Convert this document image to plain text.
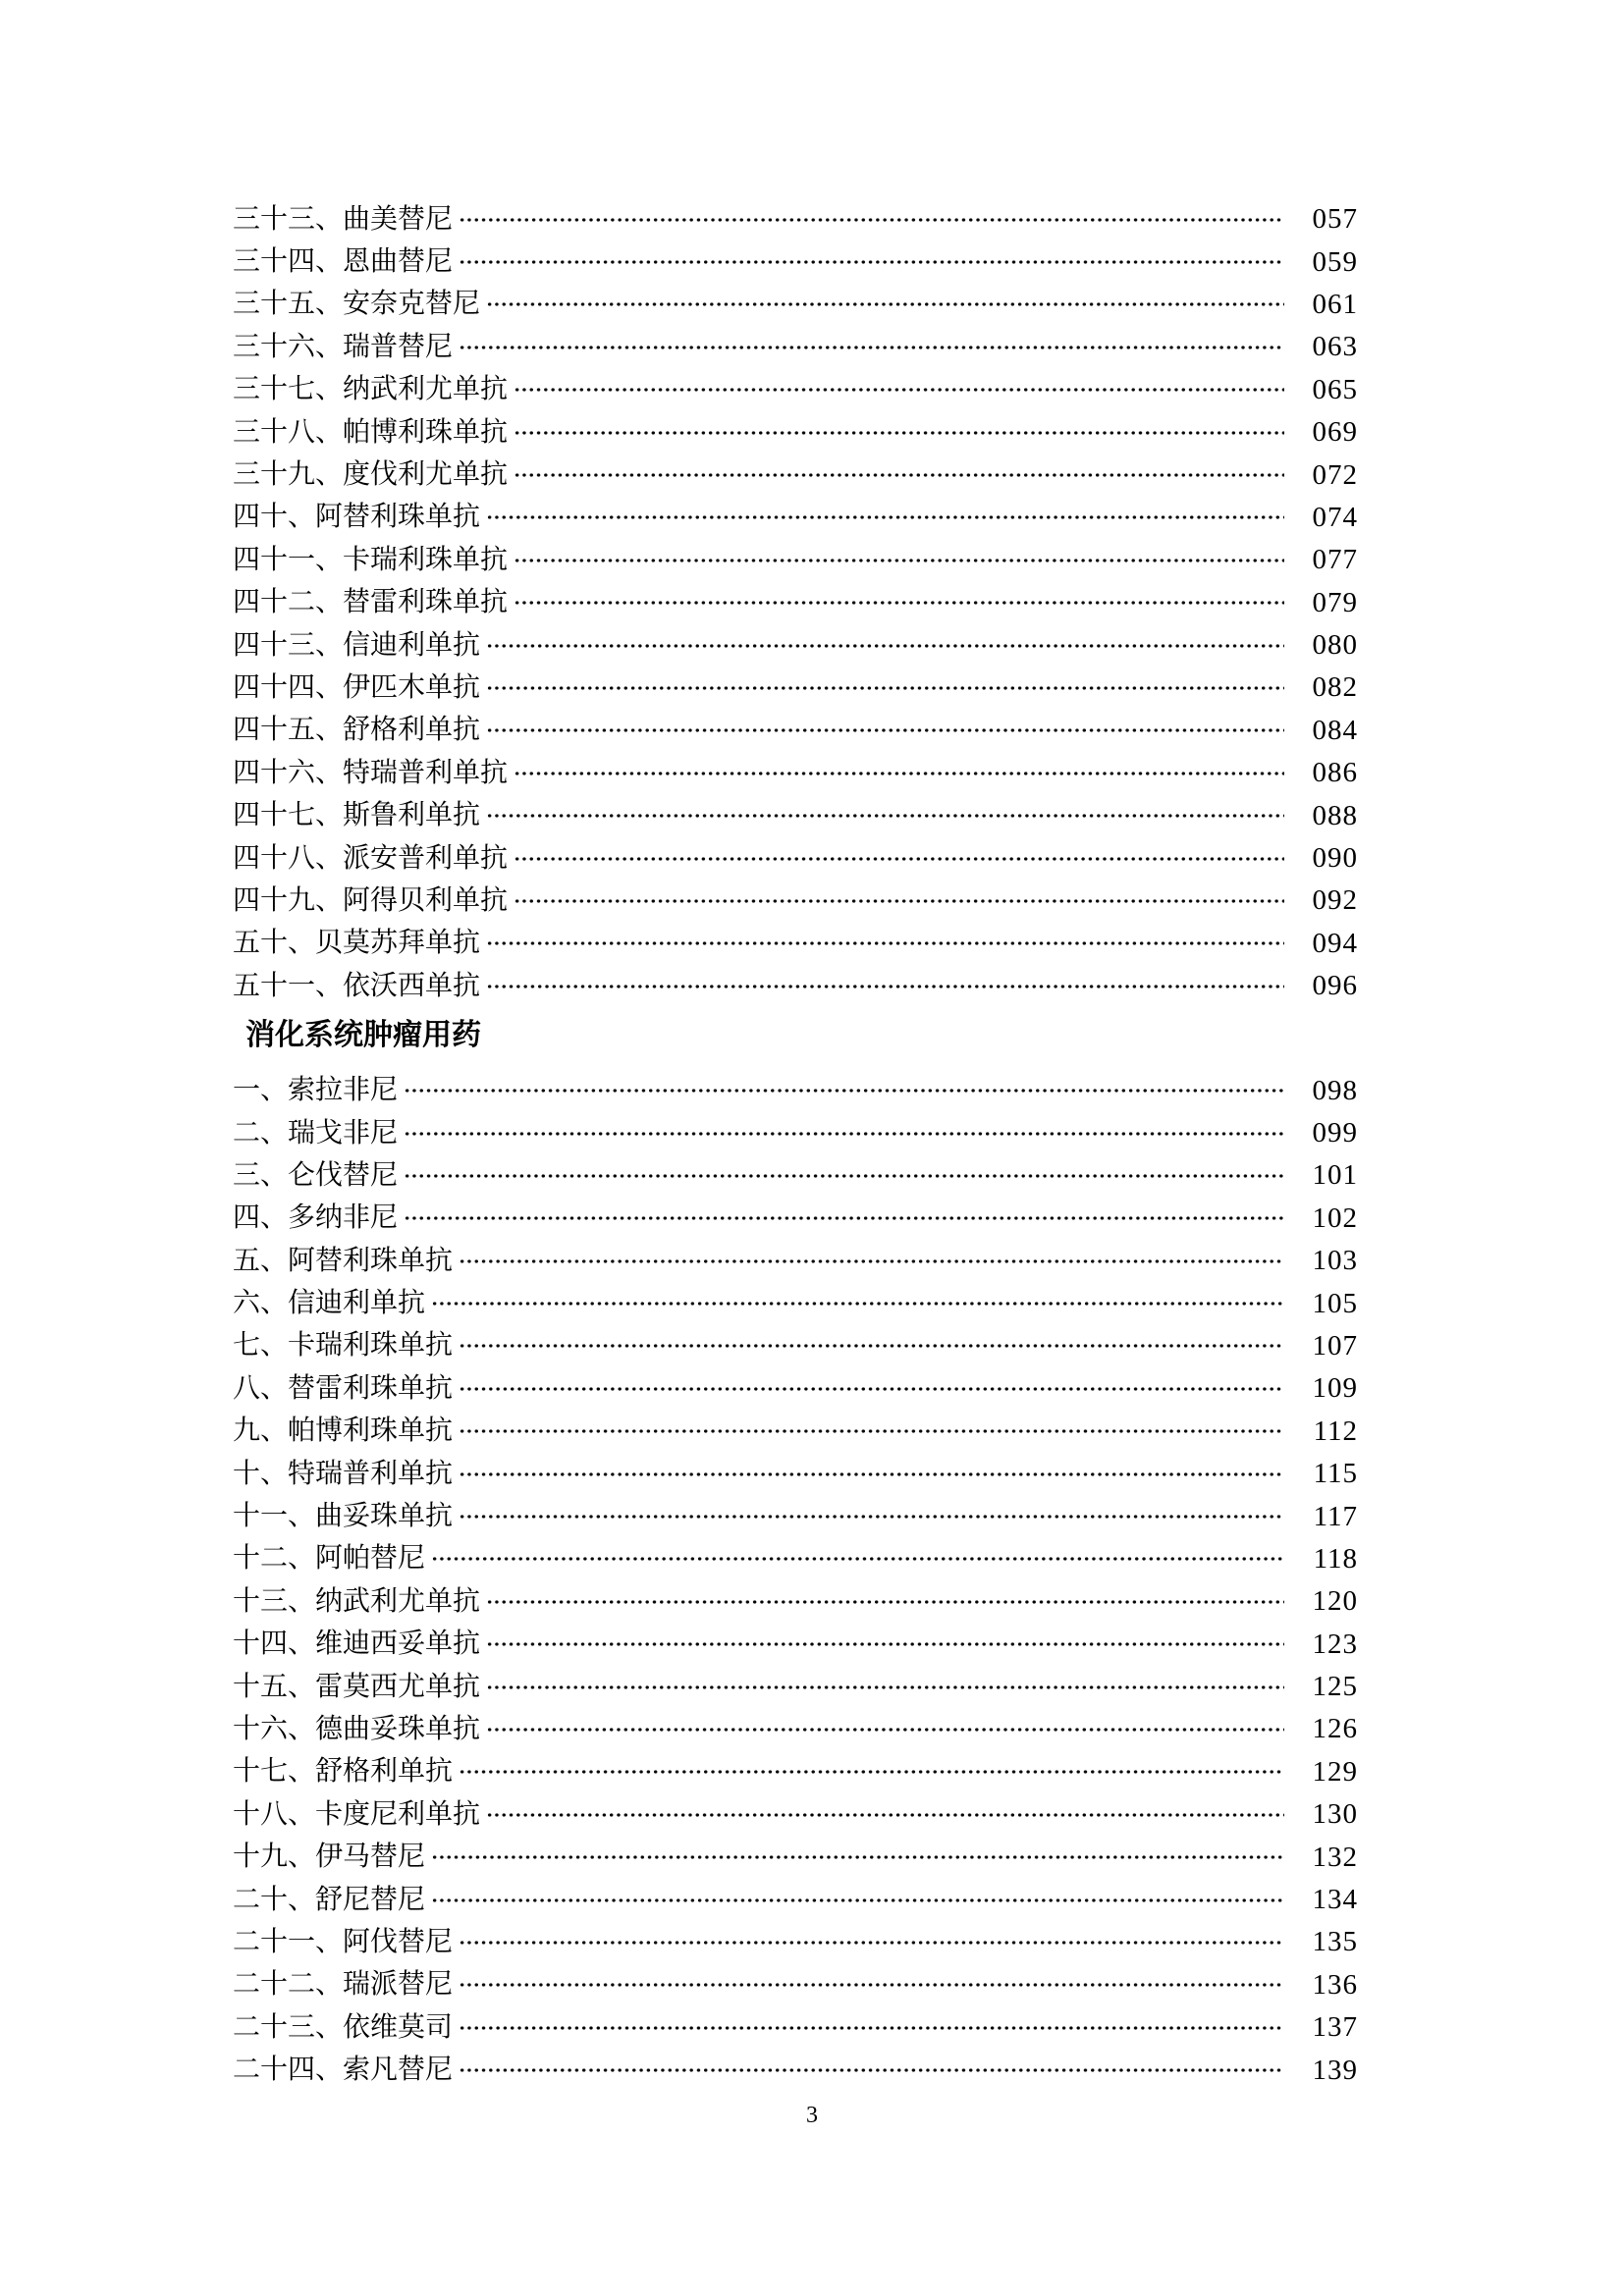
三十三、曲美替尼	057
三十四、恩曲替尼	059
三十五、安奈克替尼	061
三十六、瑞普替尼	063
三十七、纳武利尤单抗	065
三十八、帕博利珠单抗	069
三十九、度伐利尤单抗	072
四十、阿替利珠单抗	074
四十一、卡瑞利珠单抗	077
四十二、替雷利珠单抗	079
四十三、信迪利单抗	080
四十四、伊匹木单抗	082
四十五、舒格利单抗	084
四十六、特瑞普利单抗	086
四十七、斯鲁利单抗	088
四十八、派安普利单抗	090
四十九、阿得贝利单抗	092
五十、贝莫苏拜单抗	094
五十一、依沃西单抗	096
消化系统肿瘤用药
一、索拉非尼	098
二、瑞戈非尼	099
三、仑伐替尼	101
四、多纳非尼	102
五、阿替利珠单抗	103
六、信迪利单抗	105
七、卡瑞利珠单抗	107
八、替雷利珠单抗	109
九、帕博利珠单抗	112
十、特瑞普利单抗	115
十一、曲妥珠单抗	117
十二、阿帕替尼	118
十三、纳武利尤单抗	120
十四、维迪西妥单抗	123
十五、雷莫西尤单抗	125
十六、德曲妥珠单抗	126
十七、舒格利单抗	129
十八、卡度尼利单抗	130
十九、伊马替尼	132
二十、舒尼替尼	134
二十一、阿伐替尼	135
二十二、瑞派替尼	136
二十三、依维莫司	137
二十四、索凡替尼	139
3
